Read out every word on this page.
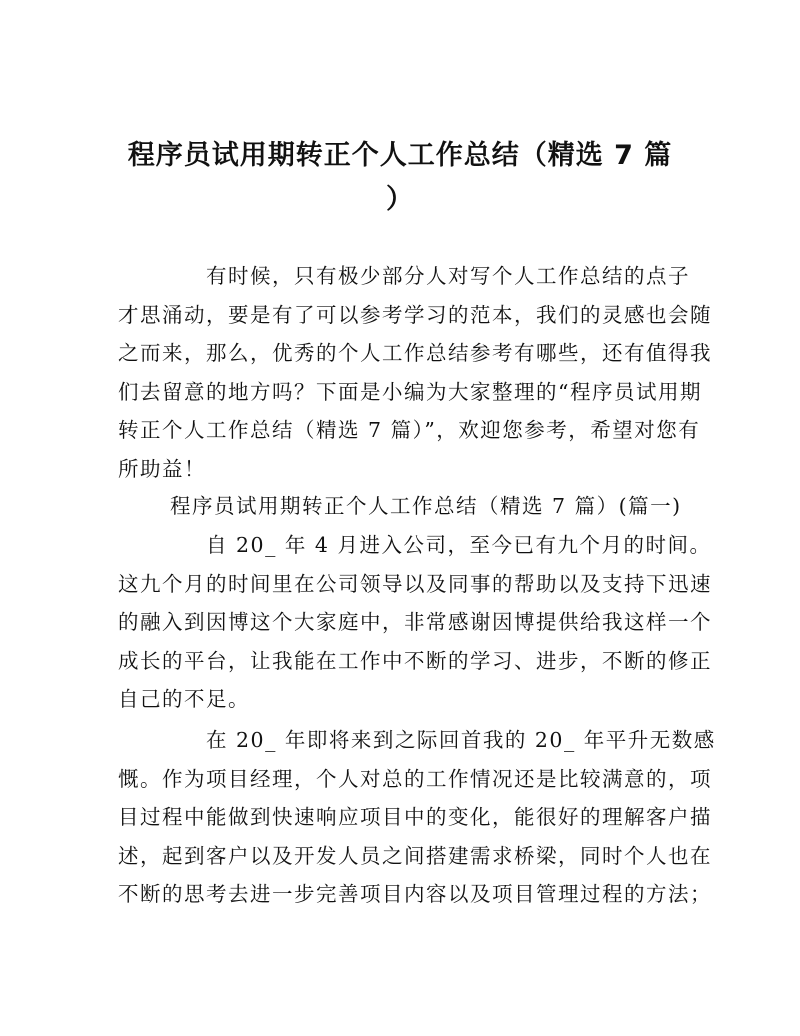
程序员试用期转正个人工作总结（精选 7 篇
）
有时候，只有极少部分人对写个人工作总结的点子
才思涌动，要是有了可以参考学习的范本，我们的灵感也会随
之而来，那么，优秀的个人工作总结参考有哪些，还有值得我
们去留意的地方吗？下面是小编为大家整理的“程序员试用期
转正个人工作总结（精选 7 篇）”，欢迎您参考，希望对您有
所助益！
程序员试用期转正个人工作总结（精选 7 篇）(篇一)
自 20_ 年 4 月进入公司，至今已有九个月的时间。
这九个月的时间里在公司领导以及同事的帮助以及支持下迅速
的融入到因博这个大家庭中，非常感谢因博提供给我这样一个
成长的平台，让我能在工作中不断的学习、进步，不断的修正
自己的不足。
在 20_ 年即将来到之际回首我的 20_ 年平升无数感
慨。作为项目经理，个人对总的工作情况还是比较满意的，项
目过程中能做到快速响应项目中的变化，能很好的理解客户描
述，起到客户以及开发人员之间搭建需求桥梁，同时个人也在
不断的思考去进一步完善项目内容以及项目管理过程的方法；
